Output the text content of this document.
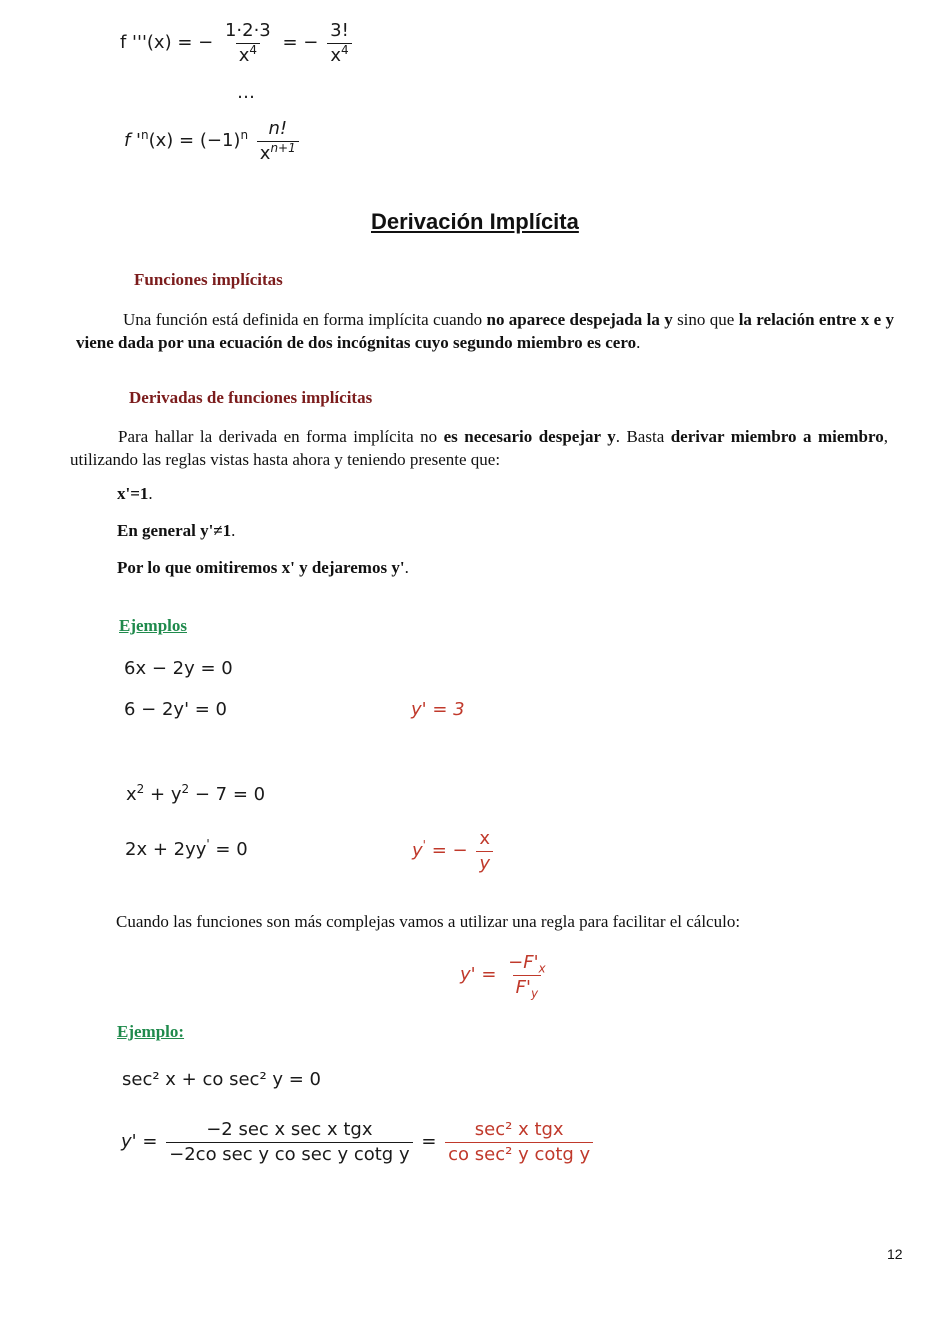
f '''(x) = − $\frac{1\cdot 2\cdot 3}{x^4}$ = − $\frac{3!}{x^4}$
…
f '$^n(x) = (-1)^n \frac{n!}{x^{n+1}}$
Derivación Implícita
Funciones implícitas
Una función está definida en forma implícita cuando no aparece despejada la y sino que la relación entre x e y viene dada por una ecuación de dos incógnitas cuyo segundo miembro es cero.
Derivadas de funciones implícitas
Para hallar la derivada en forma implícita no es necesario despejar y. Basta derivar miembro a miembro, utilizando las reglas vistas hasta ahora y teniendo presente que:
x'=1.
En general y'≠1.
Por lo que omitiremos x' y dejaremos y'.
Ejemplos
6x − 2y = 0
6 − 2y' = 0	y' = 3
$x^2 + y^2 - 7 = 0$
2x + 2yy' = 0	y' = − $\frac{x}{y}$
Cuando las funciones son más complejas vamos a utilizar una regla para facilitar el cálculo:
$y' = \frac{-F'_x}{F'_y}$
Ejemplo:
sec² x + co sec² y = 0
y' =
−2 sec x sec x tgx
−2co sec y co sec y cotg y
=
sec² x tgx
co sec² y cotg y
12
